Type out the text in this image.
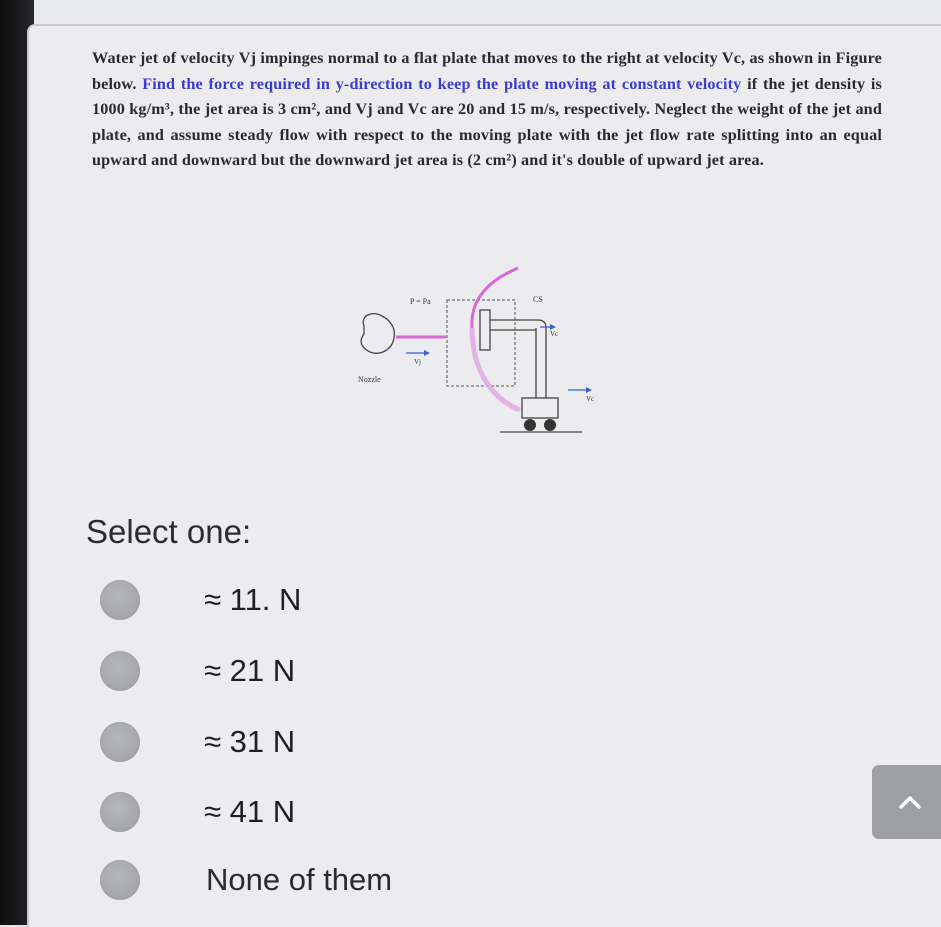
Water jet of velocity Vj impinges normal to a flat plate that moves to the right at velocity Vc, as shown in Figure below. Find the force required in y-direction to keep the plate moving at constant velocity if the jet density is 1000 kg/m³, the jet area is 3 cm², and Vj and Vc are 20 and 15 m/s, respectively. Neglect the weight of the jet and plate, and assume steady flow with respect to the moving plate with the jet flow rate splitting into an equal upward and downward but the downward jet area is (2 cm²) and it's double of upward jet area.
P = Pa	CS
Nozzle
Vj
Vc
Vc
Select one:
≈ 11. N
≈ 21 N
≈ 31 N
≈ 41 N
None of them
